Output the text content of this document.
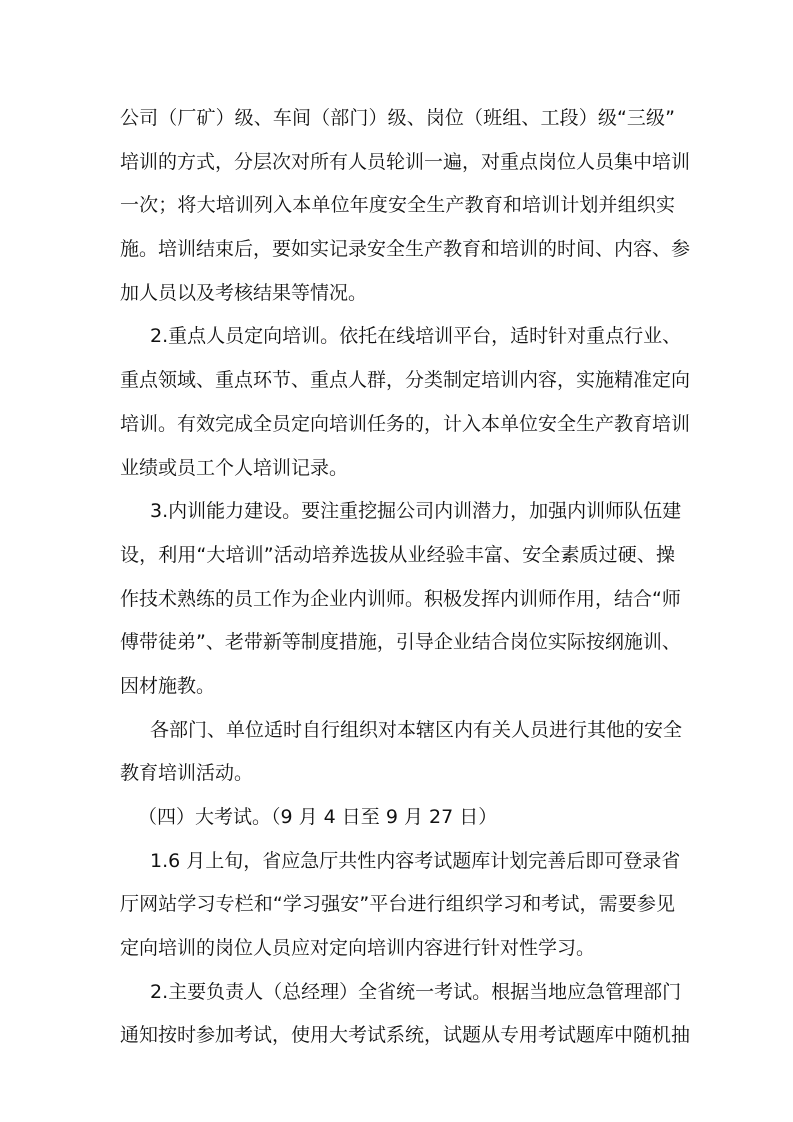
公司（厂矿）级、车间（部门）级、岗位（班组、工段）级“三级”
培训的方式，分层次对所有人员轮训一遍，对重点岗位人员集中培训
一次；将大培训列入本单位年度安全生产教育和培训计划并组织实
施。培训结束后，要如实记录安全生产教育和培训的时间、内容、参
加人员以及考核结果等情况。
2.重点人员定向培训。依托在线培训平台，适时针对重点行业、
重点领域、重点环节、重点人群，分类制定培训内容，实施精准定向
培训。有效完成全员定向培训任务的，计入本单位安全生产教育培训
业绩或员工个人培训记录。
3.内训能力建设。要注重挖掘公司内训潜力，加强内训师队伍建
设，利用“大培训”活动培养选拔从业经验丰富、安全素质过硬、操
作技术熟练的员工作为企业内训师。积极发挥内训师作用，结合“师
傅带徒弟”、老带新等制度措施，引导企业结合岗位实际按纲施训、
因材施教。
各部门、单位适时自行组织对本辖区内有关人员进行其他的安全
教育培训活动。
（四）大考试。（9 月 4 日至 9 月 27 日）
1.6 月上旬，省应急厅共性内容考试题库计划完善后即可登录省
厅网站学习专栏和“学习强安”平台进行组织学习和考试，需要参见
定向培训的岗位人员应对定向培训内容进行针对性学习。
2.主要负责人（总经理）全省统一考试。根据当地应急管理部门
通知按时参加考试，使用大考试系统，试题从专用考试题库中随机抽
